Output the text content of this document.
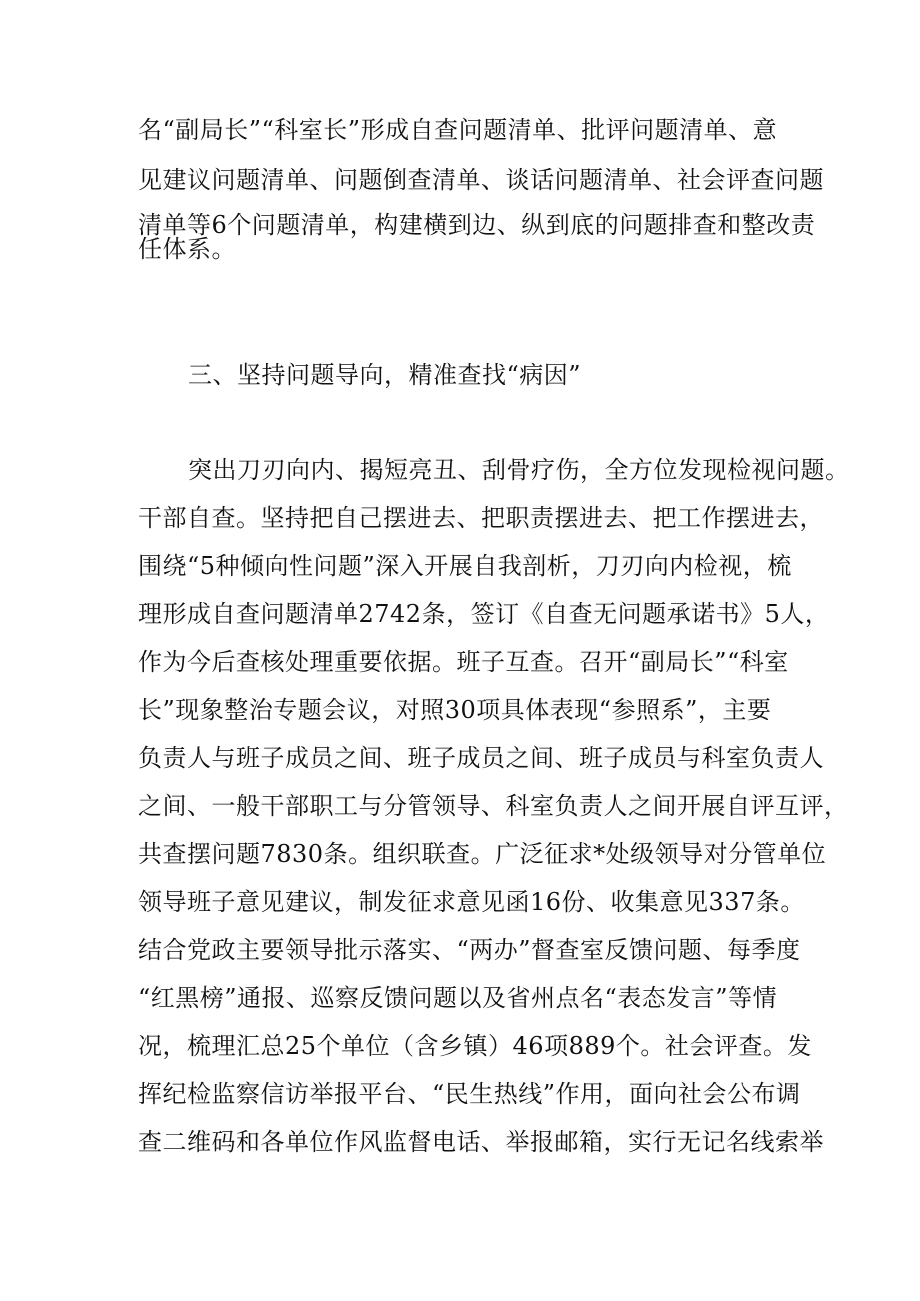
名“副局长”“科室长”形成自查问题清单、批评问题清单、意
见建议问题清单、问题倒查清单、谈话问题清单、社会评查问题
清单等6个问题清单，构建横到边、纵到底的问题排查和整改责
任体系。
三、坚持问题导向，精准查找“病因”
突出刀刃向内、揭短亮丑、刮骨疗伤，全方位发现检视问题。
干部自查。坚持把自己摆进去、把职责摆进去、把工作摆进去，
围绕“5种倾向性问题”深入开展自我剖析，刀刃向内检视，梳
理形成自查问题清单2742条，签订《自查无问题承诺书》5人，
作为今后查核处理重要依据。班子互查。召开“副局长”“科室
长”现象整治专题会议，对照30项具体表现“参照系”，主要
负责人与班子成员之间、班子成员之间、班子成员与科室负责人
之间、一般干部职工与分管领导、科室负责人之间开展自评互评，
共查摆问题7830条。组织联查。广泛征求*处级领导对分管单位
领导班子意见建议，制发征求意见函16份、收集意见337条。
结合党政主要领导批示落实、“两办”督查室反馈问题、每季度
“红黑榜”通报、巡察反馈问题以及省州点名“表态发言”等情
况，梳理汇总25个单位（含乡镇）46项889个。社会评查。发
挥纪检监察信访举报平台、“民生热线”作用，面向社会公布调
查二维码和各单位作风监督电话、举报邮箱，实行无记名线索举
